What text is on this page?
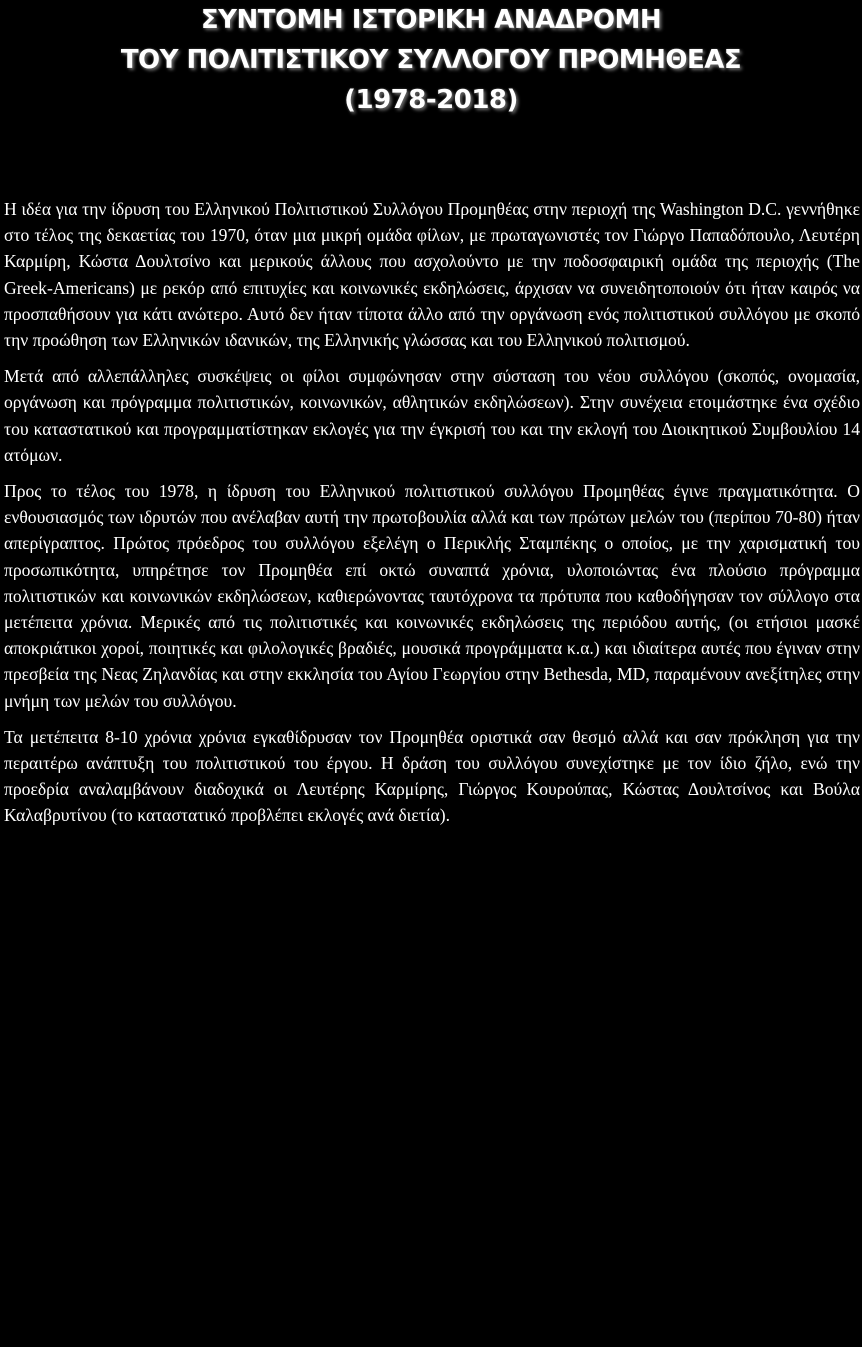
ΣΥΝΤΟΜΗ ΙΣΤΟΡΙΚΗ ΑΝΑΔΡΟΜΗ
ΤΟΥ ΠΟΛΙΤΙΣΤΙΚΟΥ ΣΥΛΛΟΓΟΥ ΠΡΟΜΗΘΕΑΣ
(1978-2018)

Η ιδέα για την ίδρυση του Ελληνικού Πολιτιστικού Συλλόγου Προμηθέας στην περιοχή της Washington D.C. γεννήθηκε στο τέλος της δεκαετίας του 1970, όταν μια μικρή ομάδα φίλων, με πρωταγωνιστές τον Γιώργο Παπαδόπουλο, Λευτέρη Καρμίρη, Κώστα Δουλτσίνο και μερικούς άλλους που ασχολούντο με την ποδοσφαιρική ομάδα της περιοχής (The Greek-Americans) με ρεκόρ από επιτυχίες και κοινωνικές εκδηλώσεις, άρχισαν να συνειδητοποιούν ότι ήταν καιρός να προσπαθήσουν για κάτι ανώτερο. Αυτό δεν ήταν τίποτα άλλο από την οργάνωση ενός πολιτιστικού συλλόγου με σκοπό την προώθηση των Ελληνικών ιδανικών, της Ελληνικής γλώσσας και του Ελληνικού πολιτισμού.

Μετά από αλλεπάλληλες συσκέψεις οι φίλοι συμφώνησαν στην σύσταση του νέου συλλόγου (σκοπός, ονομασία, οργάνωση και πρόγραμμα πολιτιστικών, κοινωνικών, αθλητικών εκδηλώσεων). Στην συνέχεια ετοιμάστηκε ένα σχέδιο του καταστατικού και προγραμματίστηκαν εκλογές για την έγκρισή του και την εκλογή του Διοικητικού Συμβουλίου 14 ατόμων.

Προς το τέλος του 1978, η ίδρυση του Ελληνικού πολιτιστικού συλλόγου Προμηθέας έγινε πραγματικότητα. Ο ενθουσιασμός των ιδρυτών που ανέλαβαν αυτή την πρωτοβουλία αλλά και των πρώτων μελών του (περίπου 70-80) ήταν απερίγραπτος. Πρώτος πρόεδρος του συλλόγου εξελέγη ο Περικλής Σταμπέκης ο οποίος, με την χαρισματική του προσωπικότητα, υπηρέτησε τον Προμηθέα επί οκτώ συναπτά χρόνια, υλοποιώντας ένα πλούσιο πρόγραμμα πολιτιστικών και κοινωνικών εκδηλώσεων, καθιερώνοντας ταυτόχρονα τα πρότυπα που καθοδήγησαν τον σύλλογο στα μετέπειτα χρόνια. Μερικές από τις πολιτιστικές και κοινωνικές εκδηλώσεις της περιόδου αυτής, (οι ετήσιοι μασκέ αποκριάτικοι χοροί, ποιητικές και φιλολογικές βραδιές, μουσικά προγράμματα κ.α.) και ιδιαίτερα αυτές που έγιναν στην πρεσβεία της Νεας Ζηλανδίας και στην εκκλησία του Αγίου Γεωργίου στην Bethesda, MD, παραμένουν ανεξίτηλες στην μνήμη των μελών του συλλόγου.

Τα μετέπειτα 8-10 χρόνια χρόνια εγκαθίδρυσαν τον Προμηθέα οριστικά σαν θεσμό αλλά και σαν πρόκληση για την περαιτέρω ανάπτυξη του πολιτιστικού του έργου. Η δράση του συλλόγου συνεχίστηκε με τον ίδιο ζήλο, ενώ την προεδρία αναλαμβάνουν διαδοχικά οι Λευτέρης Καρμίρης, Γιώργος Κουρούπας, Κώστας Δουλτσίνος και Βούλα Καλαβρυτίνου (το καταστατικό προβλέπει εκλογές ανά διετία).
